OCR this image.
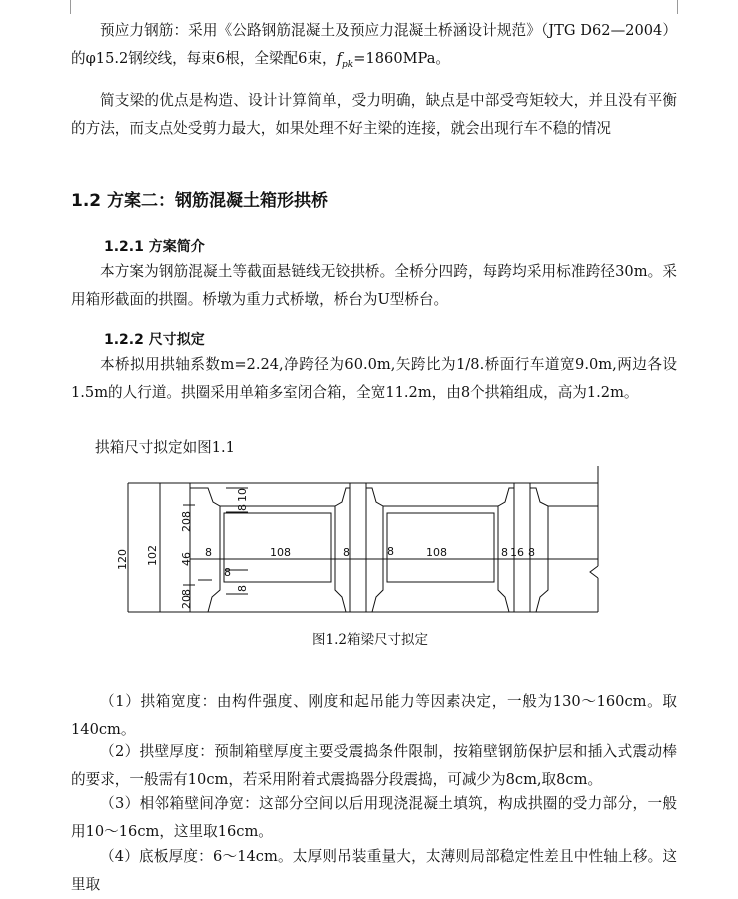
预应力钢筋：采用《公路钢筋混凝土及预应力混凝土桥涵设计规范》（JTG D62—2004）的φ15.2钢绞线，每束6根，全梁配6束，$f_{pk}=1860MPa$。

简支梁的优点是构造、设计计算简单，受力明确，缺点是中部受弯矩较大，并且没有平衡的方法，而支点处受剪力最大，如果处理不好主梁的连接，就会出现行车不稳的情况

1.2 方案二：钢筋混凝土箱形拱桥
1.2.1 方案简介

本方案为钢筋混凝土等截面悬链线无铰拱桥。全桥分四跨，每跨均采用标准跨径30m。采用箱形截面的拱圈。桥墩为重力式桥墩，桥台为U型桥台。

1.2.2 尺寸拟定

本桥拟用拱轴系数m=2.24,净跨径为60.0m,矢跨比为1/8.桥面行车道宽9.0m,两边各设1.5m的人行道。拱圈采用单箱多室闭合箱，全宽11.2m，由8个拱箱组成，高为1.2m。

拱箱尺寸拟定如图1.1

120 102
8
10
8
20
46
8
8
20
8
8	108	8	8	108	8 16 8

图1.2箱梁尺寸拟定

（1）拱箱宽度：由构件强度、刚度和起吊能力等因素决定，一般为130～160cm。取140cm。

（2）拱壁厚度：预制箱壁厚度主要受震捣条件限制，按箱壁钢筋保护层和插入式震动棒的要求，一般需有10cm，若采用附着式震捣器分段震捣，可减少为8cm,取8cm。

（3）相邻箱壁间净宽：这部分空间以后用现浇混凝土填筑，构成拱圈的受力部分，一般用10～16cm，这里取16cm。

（4）底板厚度：6～14cm。太厚则吊装重量大，太薄则局部稳定性差且中性轴上移。这里取
